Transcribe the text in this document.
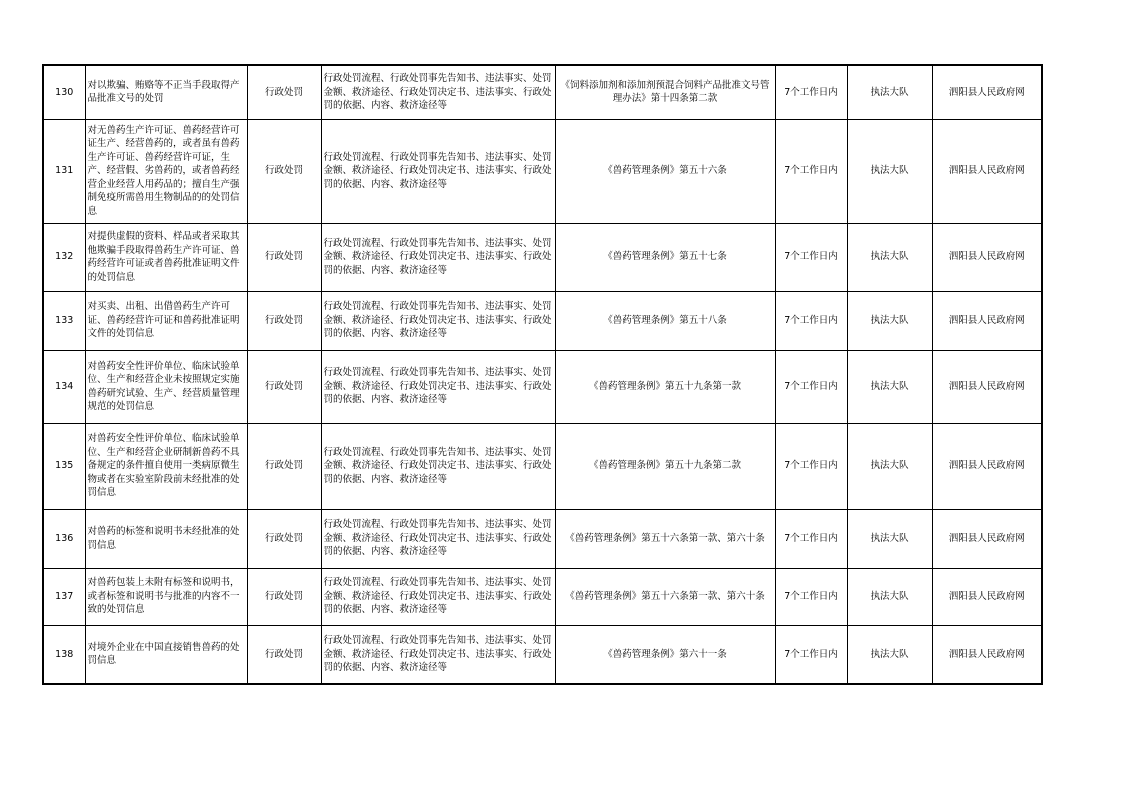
130	对以欺骗、贿赂等不正当手段取得产品批准文号的处罚	行政处罚	行政处罚流程、行政处罚事先告知书、违法事实、处罚金额、救济途径、行政处罚决定书、违法事实、行政处罚的依据、内容、救济途径等	《饲料添加剂和添加剂预混合饲料产品批准文号管理办法》第十四条第二款	7个工作日内	执法大队	泗阳县人民政府网
131	对无兽药生产许可证、兽药经营许可证生产、经营兽药的，或者虽有兽药生产许可证、兽药经营许可证，生产、经营假、劣兽药的，或者兽药经营企业经营人用药品的；擅自生产强制免疫所需兽用生物制品的的处罚信息	行政处罚	行政处罚流程、行政处罚事先告知书、违法事实、处罚金额、救济途径、行政处罚决定书、违法事实、行政处罚的依据、内容、救济途径等	《兽药管理条例》第五十六条	7个工作日内	执法大队	泗阳县人民政府网
132	对提供虚假的资料、样品或者采取其他欺骗手段取得兽药生产许可证、兽药经营许可证或者兽药批准证明文件的处罚信息	行政处罚	行政处罚流程、行政处罚事先告知书、违法事实、处罚金额、救济途径、行政处罚决定书、违法事实、行政处罚的依据、内容、救济途径等	《兽药管理条例》第五十七条	7个工作日内	执法大队	泗阳县人民政府网
133	对买卖、出租、出借兽药生产许可证、兽药经营许可证和兽药批准证明文件的处罚信息	行政处罚	行政处罚流程、行政处罚事先告知书、违法事实、处罚金额、救济途径、行政处罚决定书、违法事实、行政处罚的依据、内容、救济途径等	《兽药管理条例》第五十八条	7个工作日内	执法大队	泗阳县人民政府网
134	对兽药安全性评价单位、临床试验单位、生产和经营企业未按照规定实施兽药研究试验、生产、经营质量管理规范的处罚信息	行政处罚	行政处罚流程、行政处罚事先告知书、违法事实、处罚金额、救济途径、行政处罚决定书、违法事实、行政处罚的依据、内容、救济途径等	《兽药管理条例》第五十九条第一款	7个工作日内	执法大队	泗阳县人民政府网
135	对兽药安全性评价单位、临床试验单位、生产和经营企业研制新兽药不具备规定的条件擅自使用一类病原微生物或者在实验室阶段前未经批准的处罚信息	行政处罚	行政处罚流程、行政处罚事先告知书、违法事实、处罚金额、救济途径、行政处罚决定书、违法事实、行政处罚的依据、内容、救济途径等	《兽药管理条例》第五十九条第二款	7个工作日内	执法大队	泗阳县人民政府网
136	对兽药的标签和说明书未经批准的处罚信息	行政处罚	行政处罚流程、行政处罚事先告知书、违法事实、处罚金额、救济途径、行政处罚决定书、违法事实、行政处罚的依据、内容、救济途径等	《兽药管理条例》第五十六条第一款、第六十条	7个工作日内	执法大队	泗阳县人民政府网
137	对兽药包装上未附有标签和说明书，或者标签和说明书与批准的内容不一致的处罚信息	行政处罚	行政处罚流程、行政处罚事先告知书、违法事实、处罚金额、救济途径、行政处罚决定书、违法事实、行政处罚的依据、内容、救济途径等	《兽药管理条例》第五十六条第一款、第六十条	7个工作日内	执法大队	泗阳县人民政府网
138	对境外企业在中国直接销售兽药的处罚信息	行政处罚	行政处罚流程、行政处罚事先告知书、违法事实、处罚金额、救济途径、行政处罚决定书、违法事实、行政处罚的依据、内容、救济途径等	《兽药管理条例》第六十一条	7个工作日内	执法大队	泗阳县人民政府网
